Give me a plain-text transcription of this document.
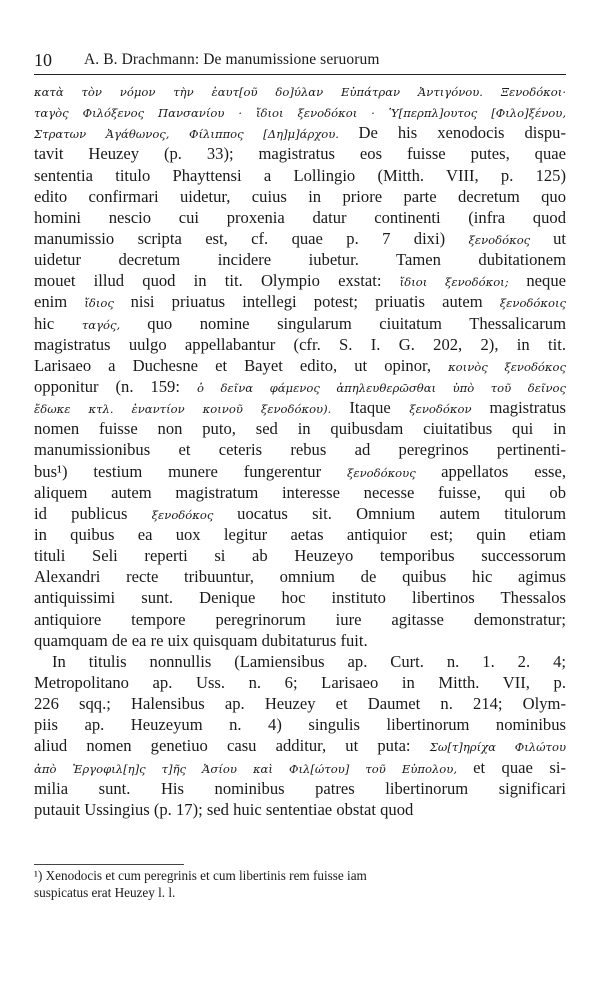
10 A. B. Drachmann: De manumissione seruorum
κατὰ τὸν νόμον τὴν ἑαυτ[οῦ δο]ύλαν Εὐπάτραν Ἀντιγόνου. Ξενοδόκοι·
ταγὸς Φιλόξενος Πανσανίου · ἴδιοι ξενοδόκοι · Ὑ[περπλ]ουτος [Φιλο]ξένου,
Στρατων Ἀγάθωνος, Φίλιππος [Δη]μ]άρχου. De his xenodocis dispu-
tavit Heuzey (p. 33); magistratus eos fuisse putes, quae
sententia titulo Phayttensi a Lollingio (Mitth. VIII, p. 125)
edito confirmari uidetur, cuius in priore parte decretum quo
homini nescio cui proxenia datur continenti (infra quod
manumissio scripta est, cf. quae p. 7 dixi) ξενοδόκος ut
uidetur decretum incidere iubetur. Tamen dubitationem
mouet illud quod in tit. Olympio exstat: ἴδιοι ξενοδόκοι; neque
enim ἴδιος nisi priuatus intellegi potest; priuatis autem ξενοδόκοις
hic ταγός, quo nomine singularum ciuitatum Thessalicarum
magistratus uulgo appellabantur (cfr. S. I. G. 202, 2), in tit.
Larisaeo a Duchesne et Bayet edito, ut opinor, κοινὸς ξενοδόκος
opponitur (n. 159: ὁ δεῖνα φάμενος ἀπηλευθερῶσθαι ὑπὸ τοῦ δεῖνος
ἔδωκε κτλ. ἐναντίον κοινοῦ ξενοδόκου). Itaque ξενοδόκον magistratus
nomen fuisse non puto, sed in quibusdam ciuitatibus qui in
manumissionibus et ceteris rebus ad peregrinos pertinenti-
bus¹) testium munere fungerentur ξενοδόκους appellatos esse,
aliquem autem magistratum interesse necesse fuisse, qui ob
id publicus ξενοδόκος uocatus sit. Omnium autem titulorum
in quibus ea uox legitur aetas antiquior est; quin etiam
tituli Seli reperti si ab Heuzeyo temporibus successorum
Alexandri recte tribuuntur, omnium de quibus hic agimus
antiquissimi sunt. Denique hoc instituto libertinos Thessalos
antiquiore tempore peregrinorum iure agitasse demonstratur;
quamquam de ea re uix quisquam dubitaturus fuit.
In titulis nonnullis (Lamiensibus ap. Curt. n. 1. 2. 4;
Metropolitano ap. Uss. n. 6; Larisaeo in Mitth. VII, p.
226 sqq.; Halensibus ap. Heuzey et Daumet n. 214; Olym-
piis ap. Heuzeyum n. 4) singulis libertinorum nominibus
aliud nomen genetiuo casu additur, ut puta: Σω[τ]ηρίχα Φιλώτου
ἀπὸ Ἐργοφιλ[η]ς τ]ῆς Ἀσίου καὶ Φιλ[ώτου] τοῦ Εὐπολου, et quae si-
milia sunt. His nominibus patres libertinorum significari
putauit Ussingius (p. 17); sed huic sententiae obstat quod
¹) Xenodocis et cum peregrinis et cum libertinis rem fuisse iam
suspicatus erat Heuzey l. l.
